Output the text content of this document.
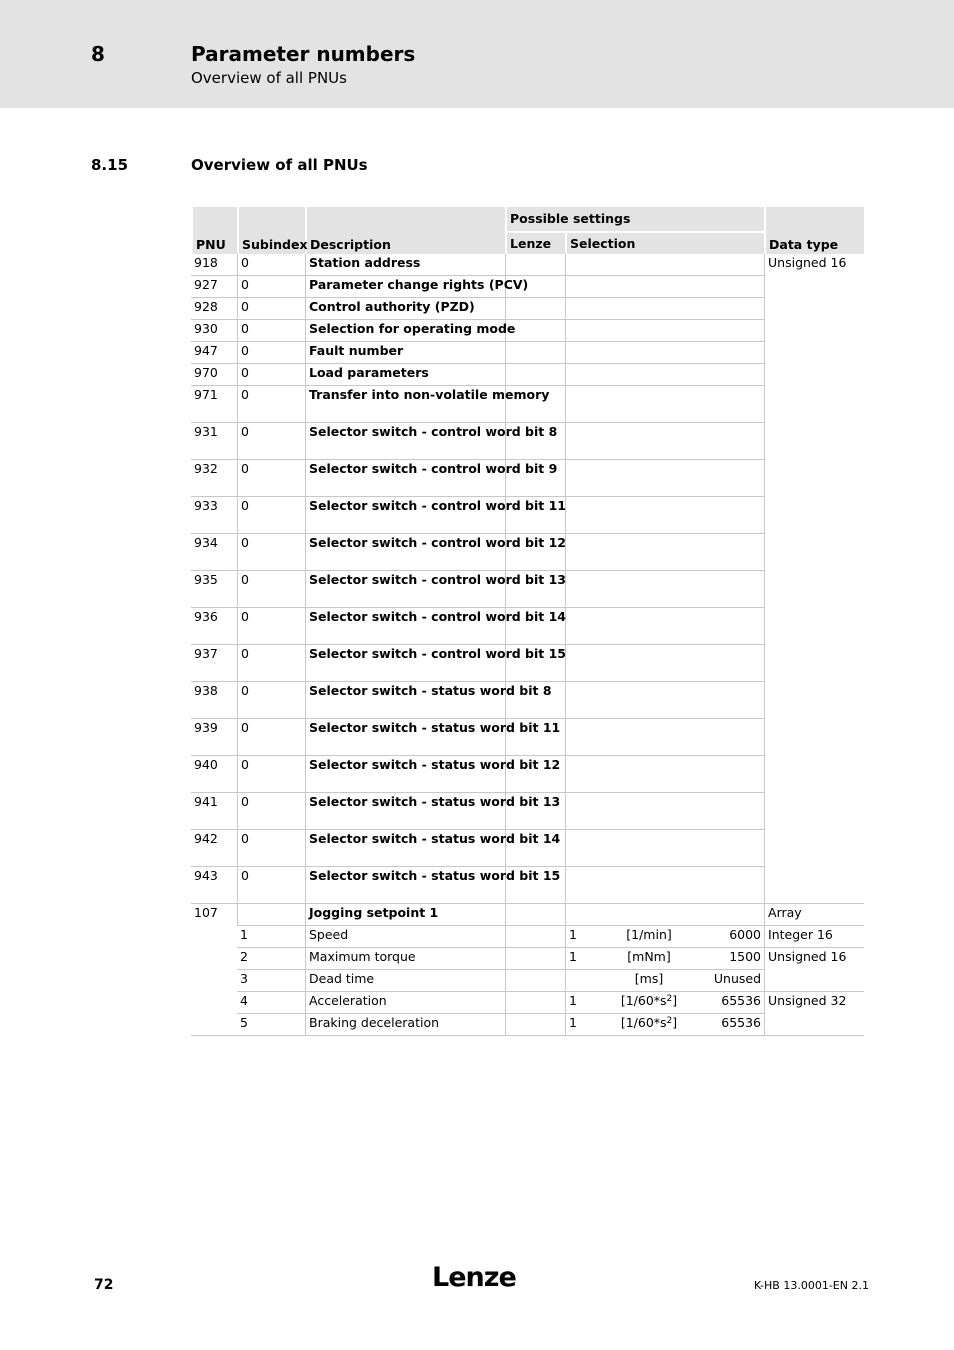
8	Parameter numbers
Overview of all PNUs
8.15	Overview of all PNUs
PNU	Subindex	Description	Possible settings		Data type
			Lenze	Selection	
918	0	Station address			Unsigned 16
927	0	Parameter change rights (PCV)			
928	0	Control authority (PZD)			
930	0	Selection for operating mode			
947	0	Fault number			
970	0	Load parameters			
971	0	Transfer into non-volatile memory			
931	0	Selector switch - control word bit 8			
932	0	Selector switch - control word bit 9			
933	0	Selector switch - control word bit 11			
934	0	Selector switch - control word bit 12			
935	0	Selector switch - control word bit 13			
936	0	Selector switch - control word bit 14			
937	0	Selector switch - control word bit 15			
938	0	Selector switch - status word bit 8			
939	0	Selector switch - status word bit 11			
940	0	Selector switch - status word bit 12			
941	0	Selector switch - status word bit 13			
942	0	Selector switch - status word bit 14			
943	0	Selector switch - status word bit 15			
107		Jogging setpoint 1			Array
	1	Speed		1 [1/min] 6000	Integer 16
	2	Maximum torque		1 [mNm] 1500	Unsigned 16
	3	Dead time		[ms] Unused	

	4	Acceleration		1 $[1/60*s^2]$ 65536	Unsigned 32
	5	Braking deceleration		1 $[1/60*s^2]$ 65536	
72	Lenze	K-HB 13.0001-EN 2.1
